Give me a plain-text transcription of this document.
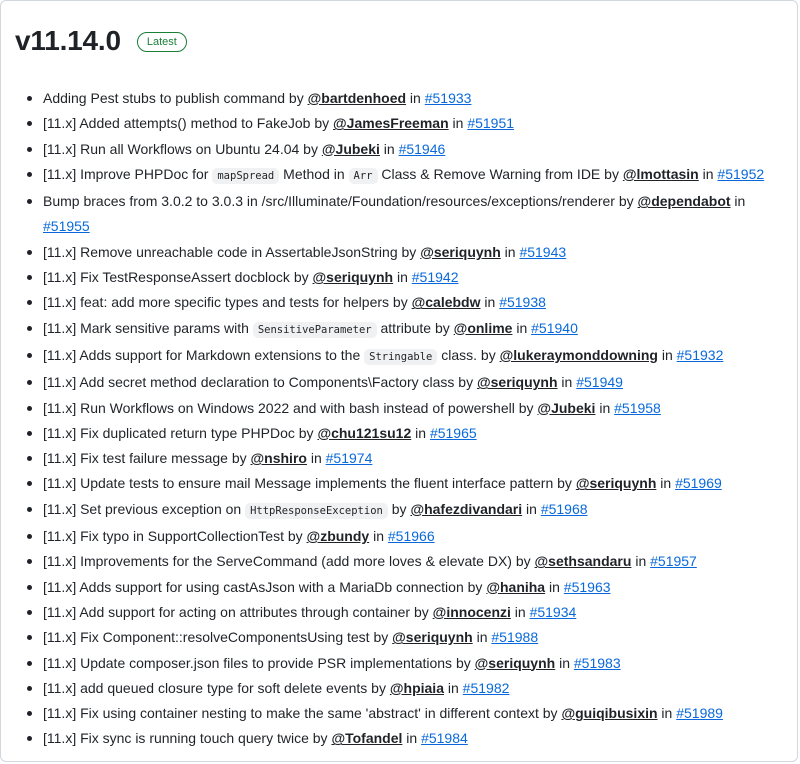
v11.14.0	Latest
Adding Pest stubs to publish command by @bartdenhoed in #51933
[11.x] Added attempts() method to FakeJob by @JamesFreeman in #51951
[11.x] Run all Workflows on Ubuntu 24.04 by @Jubeki in #51946
[11.x] Improve PHPDoc for mapSpread Method in Arr Class & Remove Warning from IDE by @lmottasin in #51952
Bump braces from 3.0.2 to 3.0.3 in /src/Illuminate/Foundation/resources/exceptions/renderer by @dependabot in #51955
[11.x] Remove unreachable code in AssertableJsonString by @seriquynh in #51943
[11.x] Fix TestResponseAssert docblock by @seriquynh in #51942
[11.x] feat: add more specific types and tests for helpers by @calebdw in #51938
[11.x] Mark sensitive params with SensitiveParameter attribute by @onlime in #51940
[11.x] Adds support for Markdown extensions to the Stringable class. by @lukeraymonddowning in #51932
[11.x] Add secret method declaration to Components\Factory class by @seriquynh in #51949
[11.x] Run Workflows on Windows 2022 and with bash instead of powershell by @Jubeki in #51958
[11.x] Fix duplicated return type PHPDoc by @chu121su12 in #51965
[11.x] Fix test failure message by @nshiro in #51974
[11.x] Update tests to ensure mail Message implements the fluent interface pattern by @seriquynh in #51969
[11.x] Set previous exception on HttpResponseException by @hafezdivandari in #51968
[11.x] Fix typo in SupportCollectionTest by @zbundy in #51966
[11.x] Improvements for the ServeCommand (add more loves & elevate DX) by @sethsandaru in #51957
[11.x] Adds support for using castAsJson with a MariaDb connection by @haniha in #51963
[11.x] Add support for acting on attributes through container by @innocenzi in #51934
[11.x] Fix Component::resolveComponentsUsing test by @seriquynh in #51988
[11.x] Update composer.json files to provide PSR implementations by @seriquynh in #51983
[11.x] add queued closure type for soft delete events by @hpiaia in #51982
[11.x] Fix using container nesting to make the same 'abstract' in different context by @guiqibusixin in #51989
[11.x] Fix sync is running touch query twice by @Tofandel in #51984
